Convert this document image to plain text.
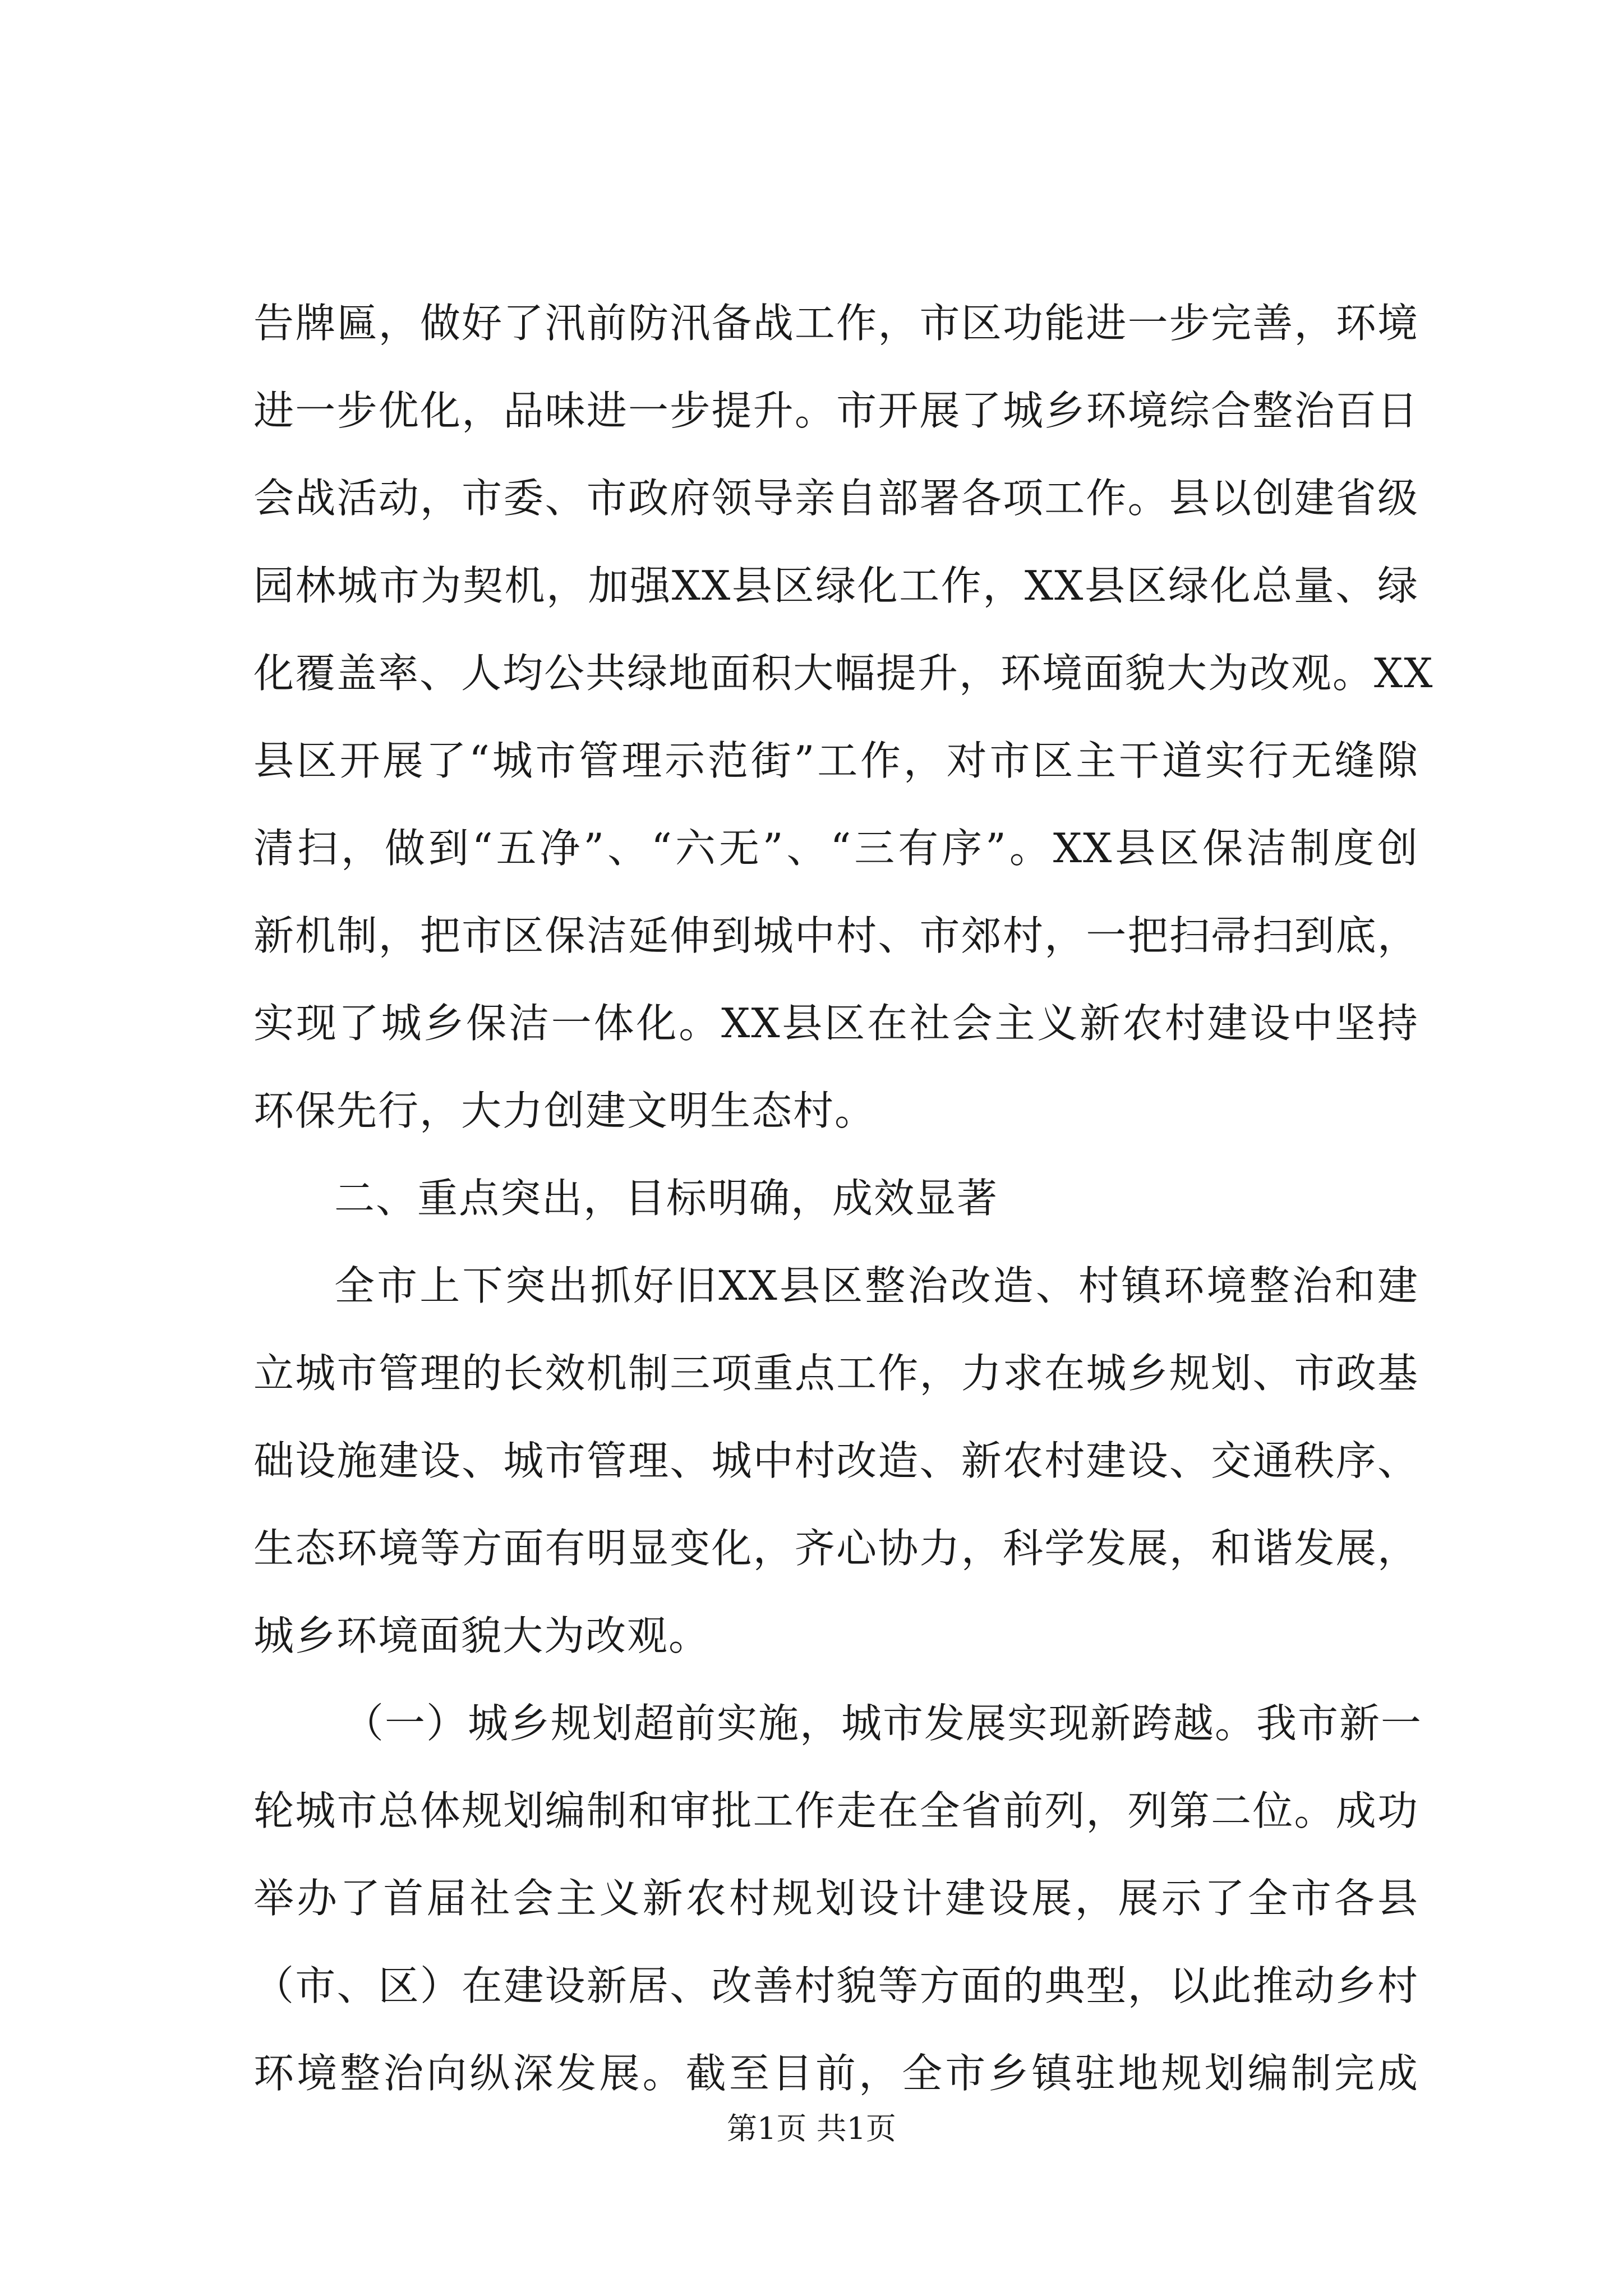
告牌匾，做好了汛前防汛备战工作，市区功能进一步完善，环境
进一步优化，品味进一步提升。市开展了城乡环境综合整治百日
会战活动，市委、市政府领导亲自部署各项工作。县以创建省级
园林城市为契机，加强XX县区绿化工作，XX县区绿化总量、绿
化覆盖率、人均公共绿地面积大幅提升，环境面貌大为改观。XX
县区开展了“城市管理示范街”工作，对市区主干道实行无缝隙
清扫，做到“五净”、“六无”、“三有序”。XX县区保洁制度创
新机制，把市区保洁延伸到城中村、市郊村，一把扫帚扫到底，
实现了城乡保洁一体化。XX县区在社会主义新农村建设中坚持
环保先行，大力创建文明生态村。
二、重点突出，目标明确，成效显著
全市上下突出抓好旧XX县区整治改造、村镇环境整治和建
立城市管理的长效机制三项重点工作，力求在城乡规划、市政基
础设施建设、城市管理、城中村改造、新农村建设、交通秩序、
生态环境等方面有明显变化，齐心协力，科学发展，和谐发展，
城乡环境面貌大为改观。
（一）城乡规划超前实施，城市发展实现新跨越。我市新一
轮城市总体规划编制和审批工作走在全省前列，列第二位。成功
举办了首届社会主义新农村规划设计建设展，展示了全市各县
（市、区）在建设新居、改善村貌等方面的典型，以此推动乡村
环境整治向纵深发展。截至目前，全市乡镇驻地规划编制完成
第1页 共1页
